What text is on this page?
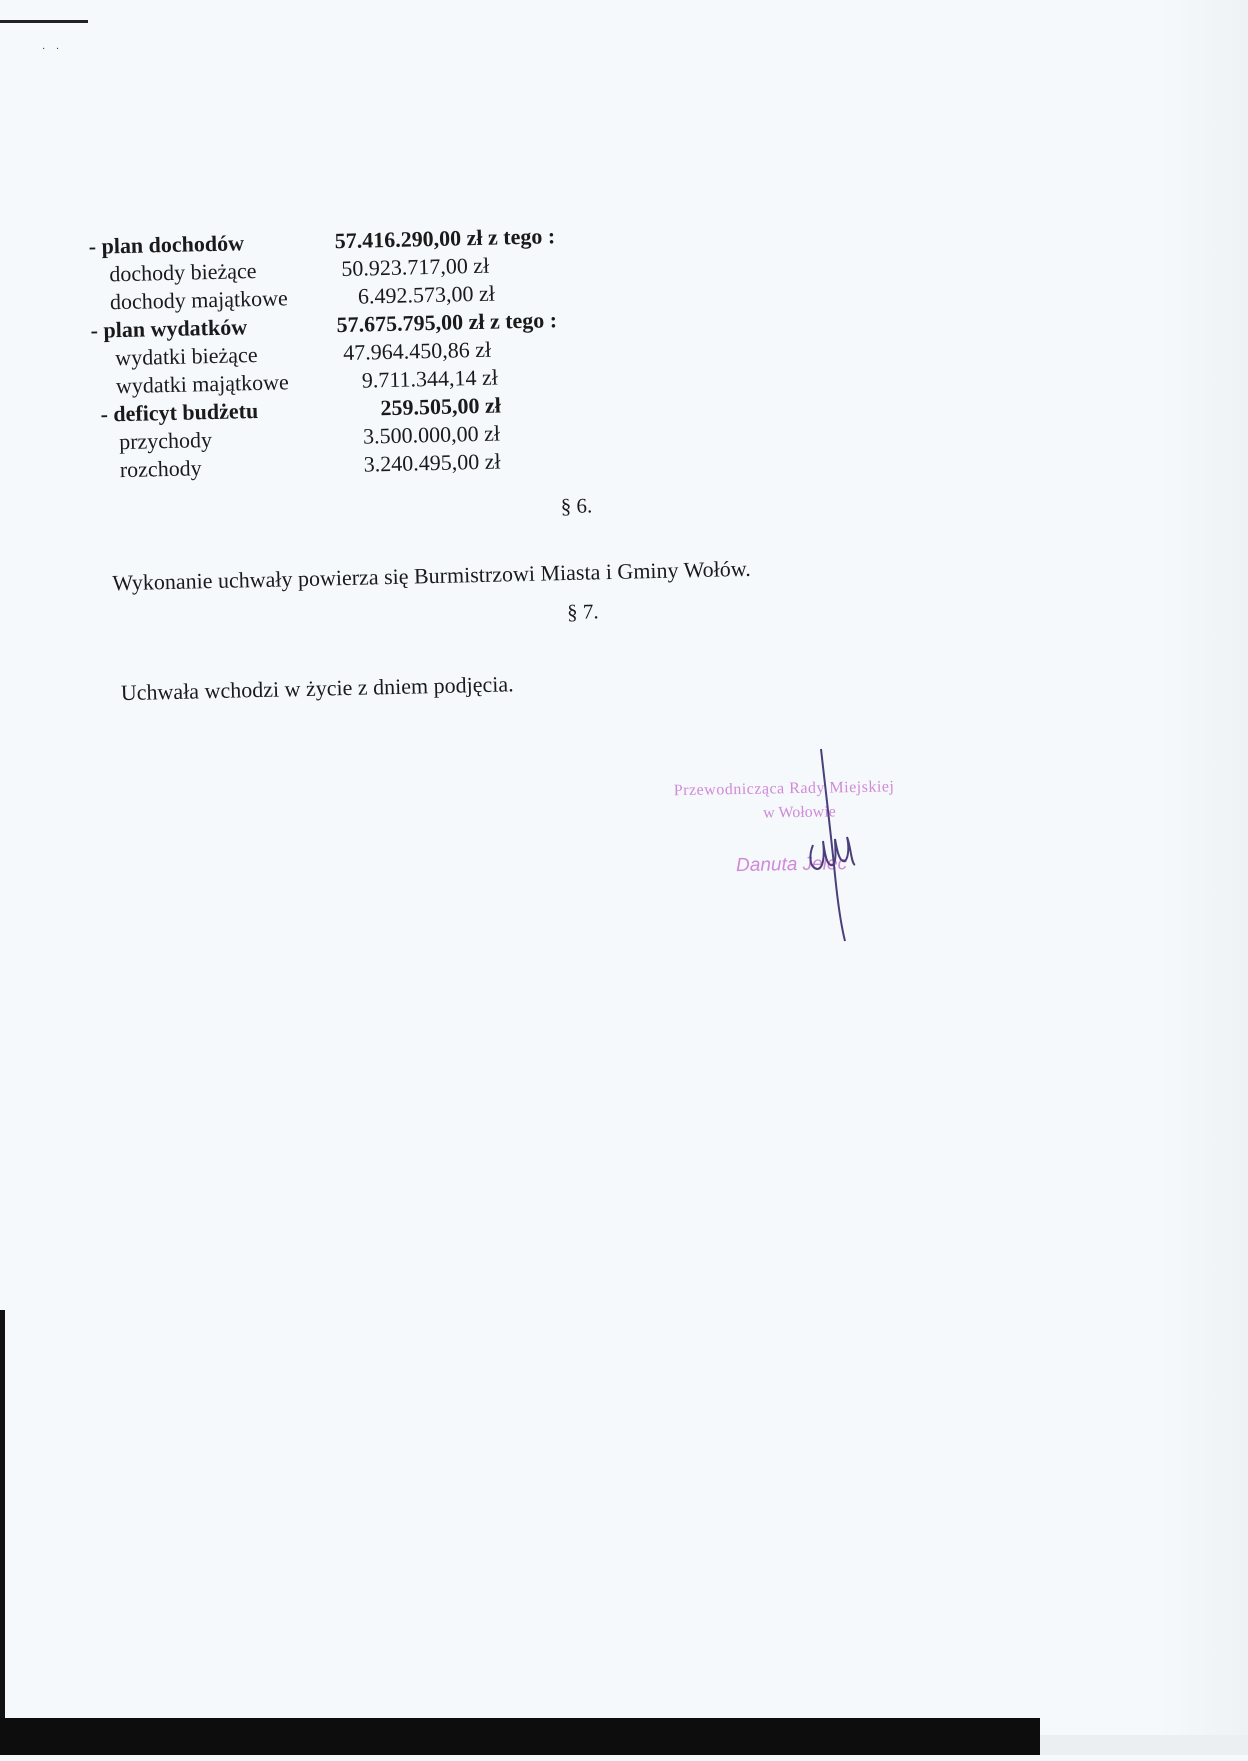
· ·
- plan dochodów	57.416.290,00 zł z tego :
dochody bieżące	50.923.717,00 zł
dochody majątkowe	6.492.573,00 zł
- plan wydatków	57.675.795,00 zł z tego :
wydatki bieżące	47.964.450,86 zł
wydatki majątkowe	9.711.344,14 zł
- deficyt budżetu	259.505,00 zł
przychody	3.500.000,00 zł
rozchody	3.240.495,00 zł
§ 6.
Wykonanie uchwały powierza się Burmistrzowi Miasta i Gminy Wołów.
§ 7.
Uchwała wchodzi w życie z dniem podjęcia.
Przewodnicząca Rady Miejskiej
w Wołowie
Danuta Jelec
